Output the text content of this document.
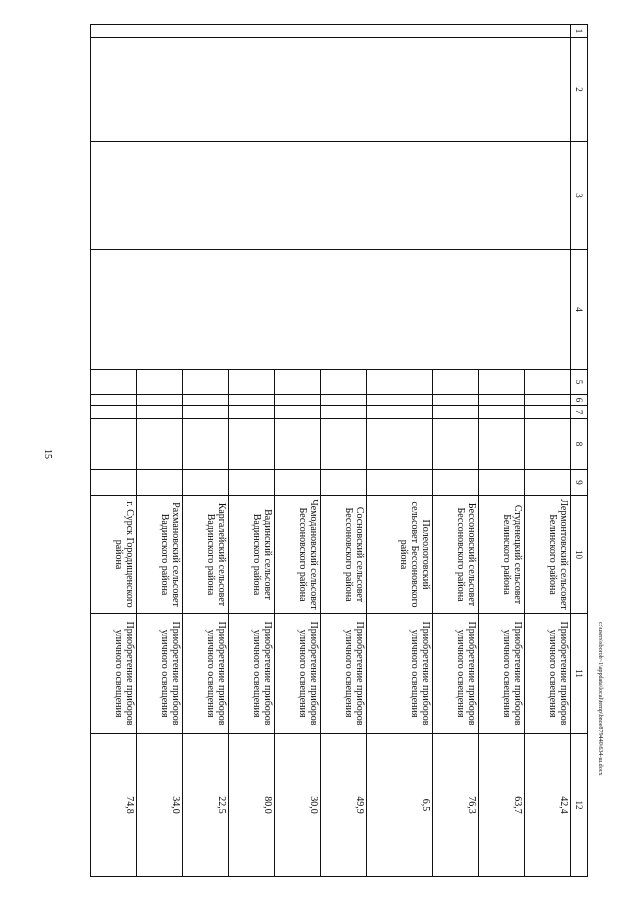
15
c:\users\sboroh~1\appdata\local\temp\bnoe879440\634-ш.docx
1	2	3	4	5	6	7	8	9	10	11	12
									Лермонтовский сельсовет Белинского района	Приобретение приборов уличного освещения	42,4
									Студенецкий сельсовет Белинского района	Приобретение приборов уличного освещения	63,7
									Бессоновский сельсовет Бессоновского района	Приобретение приборов уличного освещения	76,3
									Полеологовский сельсовет Бессоновского района	Приобретение приборов уличного освещения	6,5
									Сосновский сельсовет Бессоновского района	Приобретение приборов уличного освещения	49,9
									Чемодановский сельсовет Бессоновского района	Приобретение приборов уличного освещения	30,0
									Вадинский сельсовет Вадинского района	Приобретение приборов уличного освещения	80,0
									Каргалейский сельсовет Вадинского района	Приобретение приборов уличного освещения	22,5
									Рахмановский сельсовет Вадинского района	Приобретение приборов уличного освещения	34,0
									г. Сурск Городищенского района	Приобретение приборов уличного освещения	74,8
